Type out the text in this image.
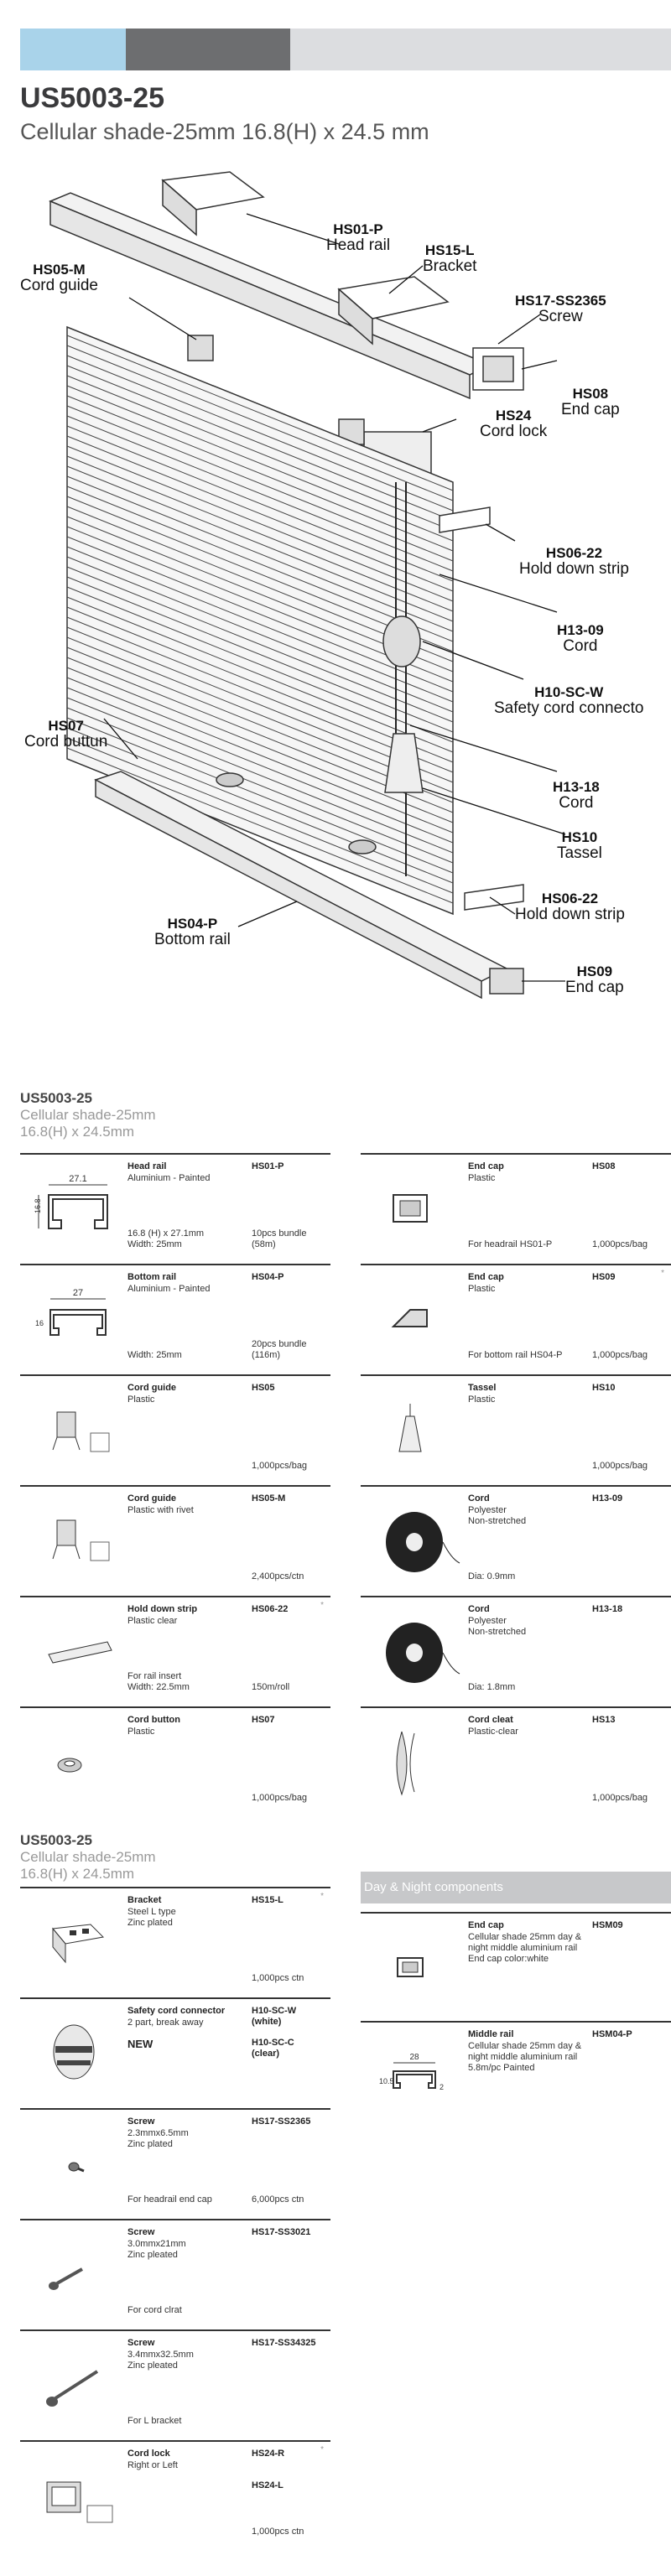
US5003-25
Cellular shade-25mm 16.8(H) x 24.5 mm
HS01-P
Head rail HS15-L
Bracket
HS05-M
Cord guide
HS17-SS2365
Screw
HS08
End cap
HS24
Cord lock
HS06-22
Hold down strip
H13-09
Cord
H10-SC-W
Safety cord connecto
HS07
Cord buttun
H13-18
Cord
HS10
Tassel
HS06-22
Hold down strip
HS04-P
Bottom rail
HS09
End cap
US5003-25
Cellular shade-25mm
16.8(H) x 24.5mm
27.1
16.8
Head rail
Aluminium - Painted
16.8 (H) x 27.1mm
Width: 25mm
HS01-P
10pcs bundle
(58m)
27
16
Bottom rail
Aluminium - Painted
Width: 25mm
HS04-P
20pcs bundle
(116m)
Cord guide
Plastic
HS05
1,000pcs/bag
Cord guide
Plastic with rivet
HS05-M
2,400pcs/ctn
Hold down strip
Plastic clear
For rail insert
Width: 22.5mm
HS06-22
150m/roll
*
Cord button
Plastic
HS07
1,000pcs/bag
End cap
Plastic
For headrail HS01-P
HS08
1,000pcs/bag
End cap
Plastic
For bottom rail HS04-P
HS09
1,000pcs/bag
*
Tassel
Plastic
HS10
1,000pcs/bag
Cord
Polyester
Non-stretched
Dia: 0.9mm
H13-09
Cord
Polyester
Non-stretched
Dia: 1.8mm
H13-18
Cord cleat
Plastic-clear
HS13
1,000pcs/bag
US5003-25
Cellular shade-25mm
16.8(H) x 24.5mm
Day & Night components
Bracket
Steel L type
Zinc plated
HS15-L
1,000pcs ctn
*
Safety cord connector
2 part, break away
NEW
H10-SC-W
(white)
H10-SC-C
(clear)
Screw
2.3mmx6.5mm
Zinc plated
For headrail end cap
HS17-SS2365
6,000pcs ctn
Screw
3.0mmx21mm
Zinc pleated
For cord clrat
HS17-SS3021
Screw
3.4mmx32.5mm
Zinc pleated
For L bracket
HS17-SS34325
Cord lock
Right or Left
HS24-R
HS24-L
1,000pcs ctn
*
End cap
Cellular shade 25mm day &
night middle aluminium rail
End cap color:white
HSM09
28
10.5
2
Middle rail
Cellular shade 25mm day &
night middle aluminium rail
5.8m/pc Painted
HSM04-P
